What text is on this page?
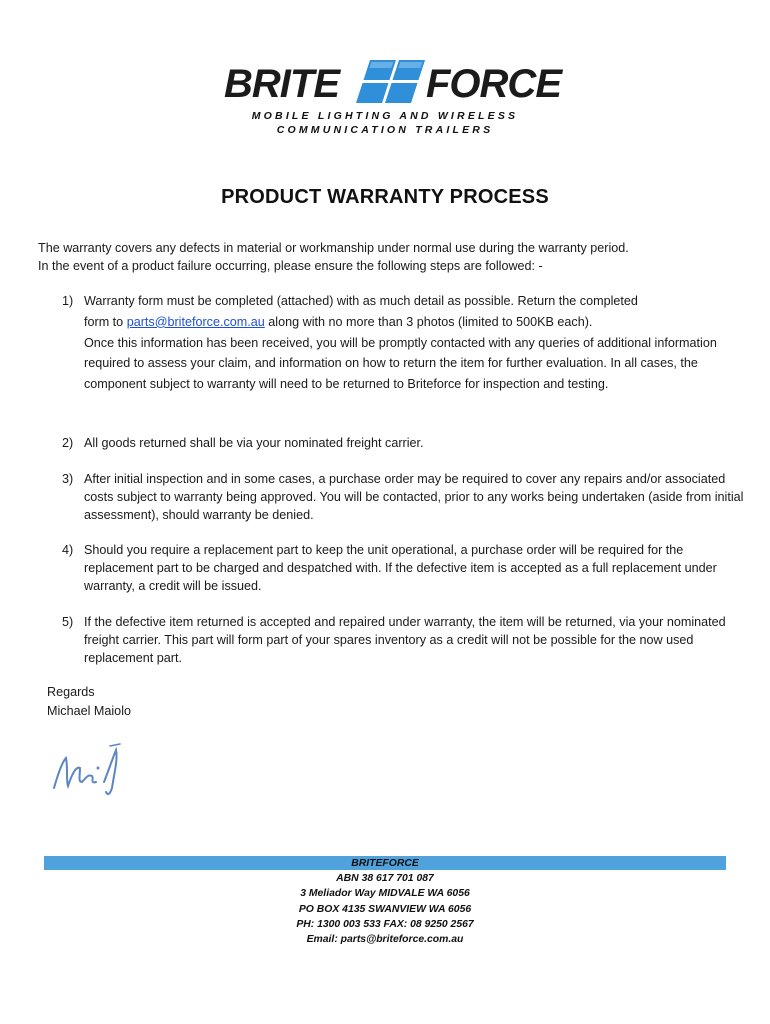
BRITE FORCE
MOBILE LIGHTING AND WIRELESS
COMMUNICATION TRAILERS
PRODUCT WARRANTY PROCESS

The warranty covers any defects in material or workmanship under normal use during the warranty period.

In the event of a product failure occurring, please ensure the following steps are followed: -

1) Warranty form must be completed (attached) with as much detail as possible. Return the completed
form to parts@briteforce.com.au along with no more than 3 photos (limited to 500KB each).

Once this information has been received, you will be promptly contacted with any queries of additional information required to assess your claim, and information on how to return the item for further evaluation. In all cases, the component subject to warranty will need to be returned to Briteforce for inspection and testing.

2) All goods returned shall be via your nominated freight carrier.

3) After initial inspection and in some cases, a purchase order may be required to cover any repairs and/or associated costs subject to warranty being approved. You will be contacted, prior to any works being undertaken (aside from initial assessment), should warranty be denied.

4) Should you require a replacement part to keep the unit operational, a purchase order will be required for the replacement part to be charged and despatched with. If the defective item is accepted as a full replacement under warranty, a credit will be issued.

5) If the defective item returned is accepted and repaired under warranty, the item will be returned, via your nominated freight carrier. This part will form part of your spares inventory as a credit will not be possible for the now used replacement part.

Regards
Michael Maiolo
BRITEFORCE
ABN 38 617 701 087
3 Meliador Way MIDVALE WA 6056
PO BOX 4135 SWANVIEW WA 6056
PH: 1300 003 533 FAX: 08 9250 2567
Email: parts@briteforce.com.au
